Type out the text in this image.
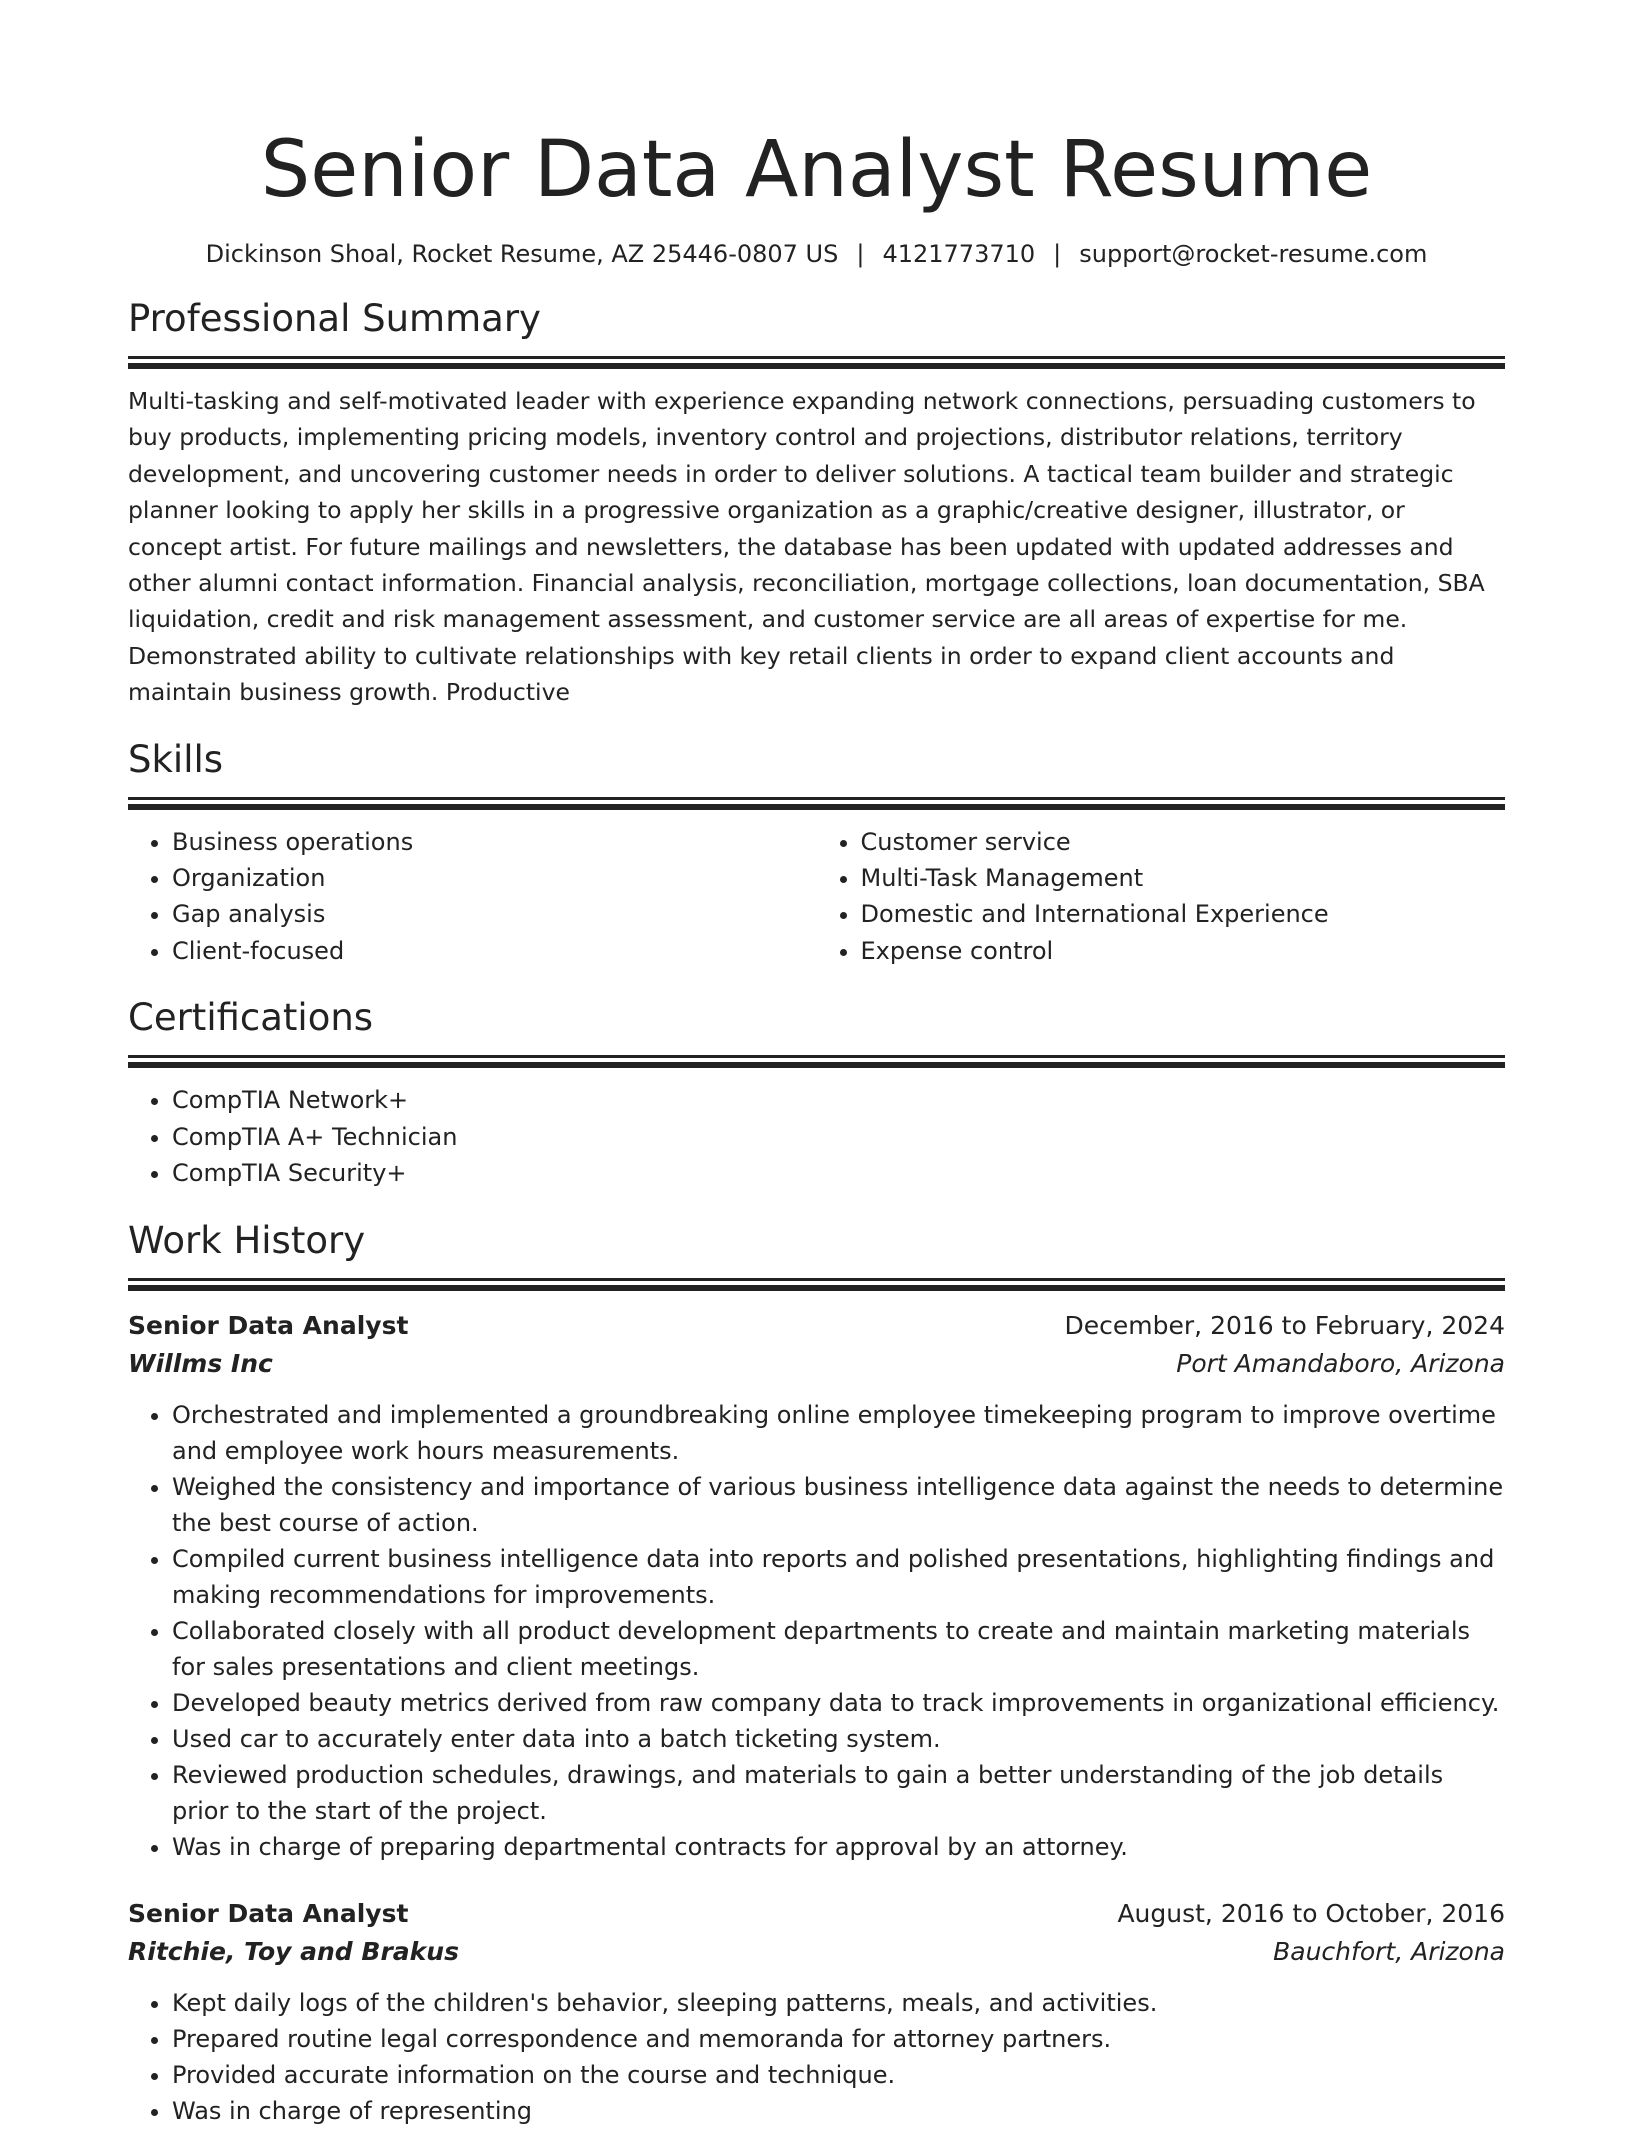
Senior Data Analyst Resume
Dickinson Shoal, Rocket Resume, AZ 25446-0807 US | 4121773710 | support@rocket-resume.com
Professional Summary

Multi-tasking and self-motivated leader with experience expanding network connections, persuading customers to buy products, implementing pricing models, inventory control and projections, distributor relations, territory development, and uncovering customer needs in order to deliver solutions. A tactical team builder and strategic planner looking to apply her skills in a progressive organization as a graphic/creative designer, illustrator, or concept artist. For future mailings and newsletters, the database has been updated with updated addresses and other alumni contact information. Financial analysis, reconciliation, mortgage collections, loan documentation, SBA liquidation, credit and risk management assessment, and customer service are all areas of expertise for me. Demonstrated ability to cultivate relationships with key retail clients in order to expand client accounts and maintain business growth. Productive

Skills
• Business operations
• Organization
• Gap analysis
• Client-focused
• Customer service
• Multi-Task Management
• Domestic and International Experience
• Expense control
Certifications
• CompTIA Network+
• CompTIA A+ Technician
• CompTIA Security+
Work History
Senior Data Analyst	December, 2016 to February, 2024
Willms Inc	Port Amandaboro, Arizona
• Orchestrated and implemented a groundbreaking online employee timekeeping program to improve overtime and employee work hours measurements.
• Weighed the consistency and importance of various business intelligence data against the needs to determine the best course of action.
• Compiled current business intelligence data into reports and polished presentations, highlighting findings and making recommendations for improvements.
• Collaborated closely with all product development departments to create and maintain marketing materials for sales presentations and client meetings.
• Developed beauty metrics derived from raw company data to track improvements in organizational efficiency.
• Used car to accurately enter data into a batch ticketing system.
• Reviewed production schedules, drawings, and materials to gain a better understanding of the job details prior to the start of the project.
• Was in charge of preparing departmental contracts for approval by an attorney.
Senior Data Analyst	August, 2016 to October, 2016
Ritchie, Toy and Brakus	Bauchfort, Arizona
• Kept daily logs of the children's behavior, sleeping patterns, meals, and activities.
• Prepared routine legal correspondence and memoranda for attorney partners.
• Provided accurate information on the course and technique.
• Was in charge of representing
